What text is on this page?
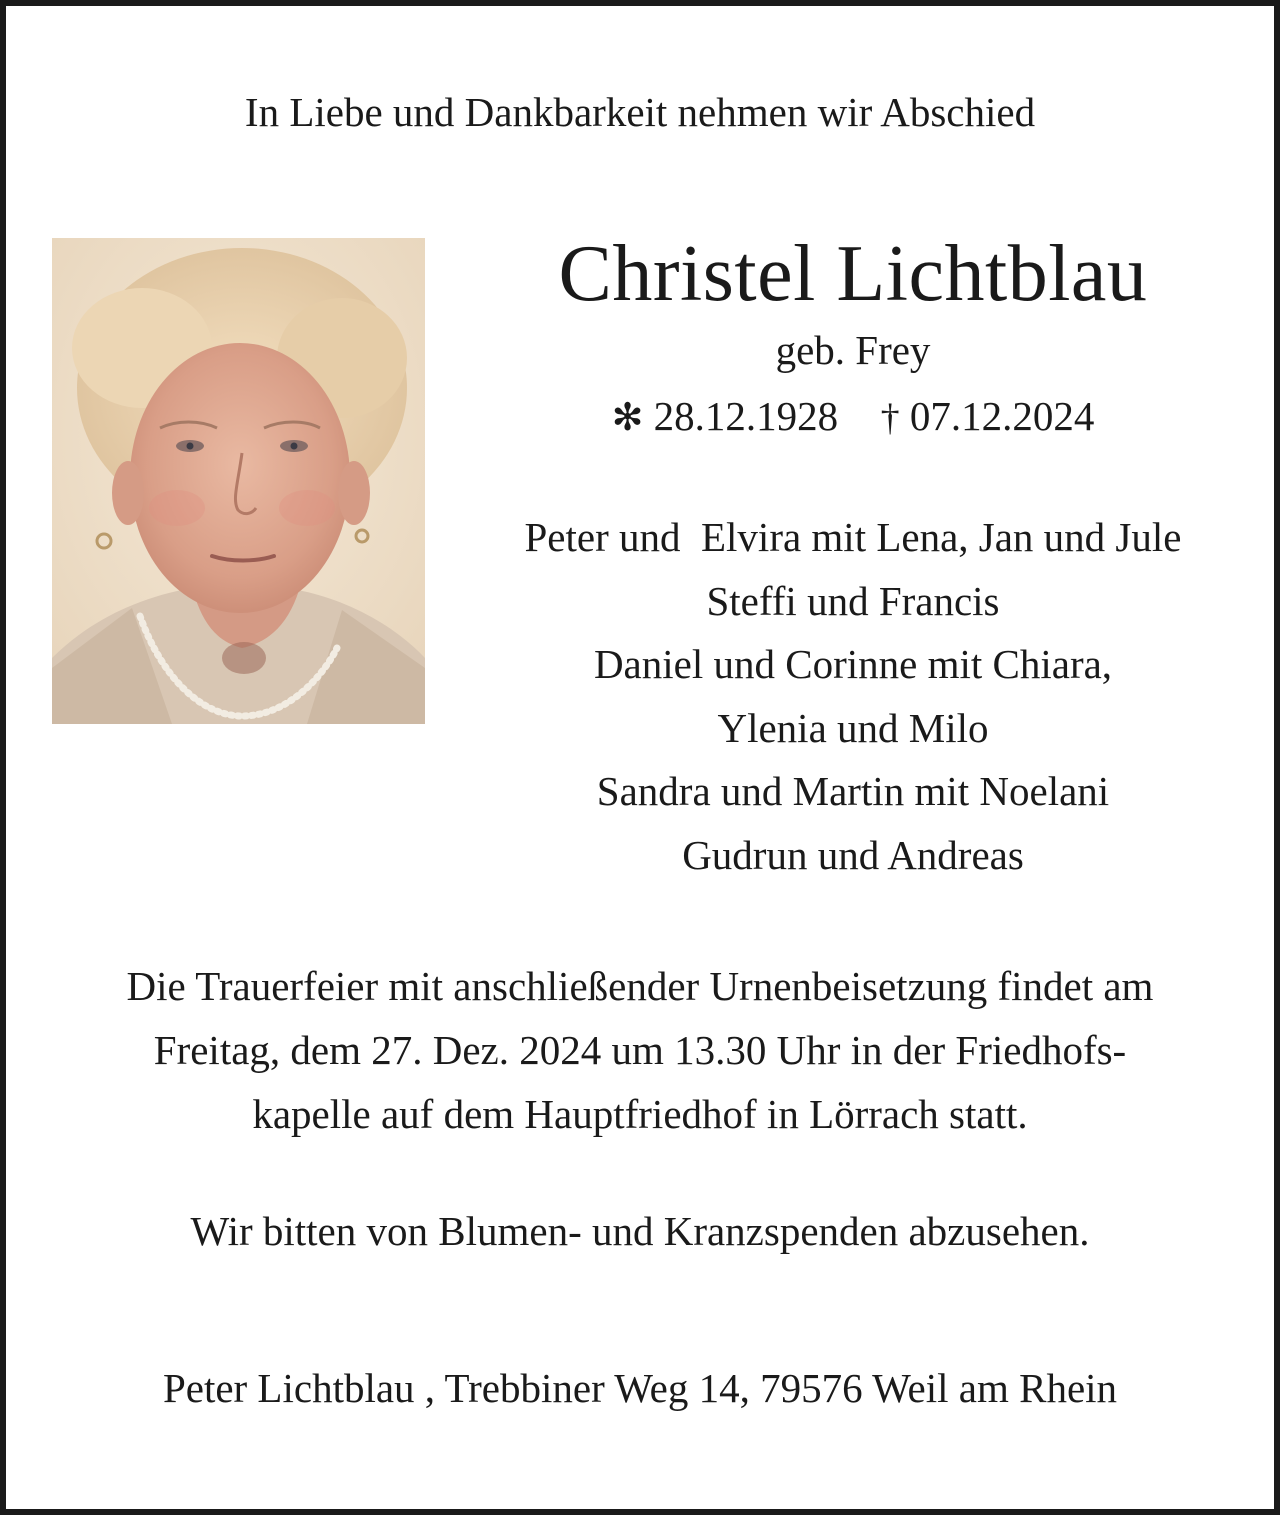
In Liebe und Dankbarkeit nehmen wir Abschied
Christel Lichtblau
geb. Frey
✻ 28.12.1928 † 07.12.2024
Peter und  Elvira mit Lena, Jan und Jule
Steffi und Francis
Daniel und Corinne mit Chiara,
Ylenia und Milo
Sandra und Martin mit Noelani
Gudrun und Andreas
Die Trauerfeier mit anschließender Urnenbeisetzung findet am
Freitag, dem 27. Dez. 2024 um 13.30 Uhr in der Friedhofs-
kapelle auf dem Hauptfriedhof in Lörrach statt.
Wir bitten von Blumen- und Kranzspenden abzusehen.
Peter Lichtblau , Trebbiner Weg 14, 79576 Weil am Rhein
